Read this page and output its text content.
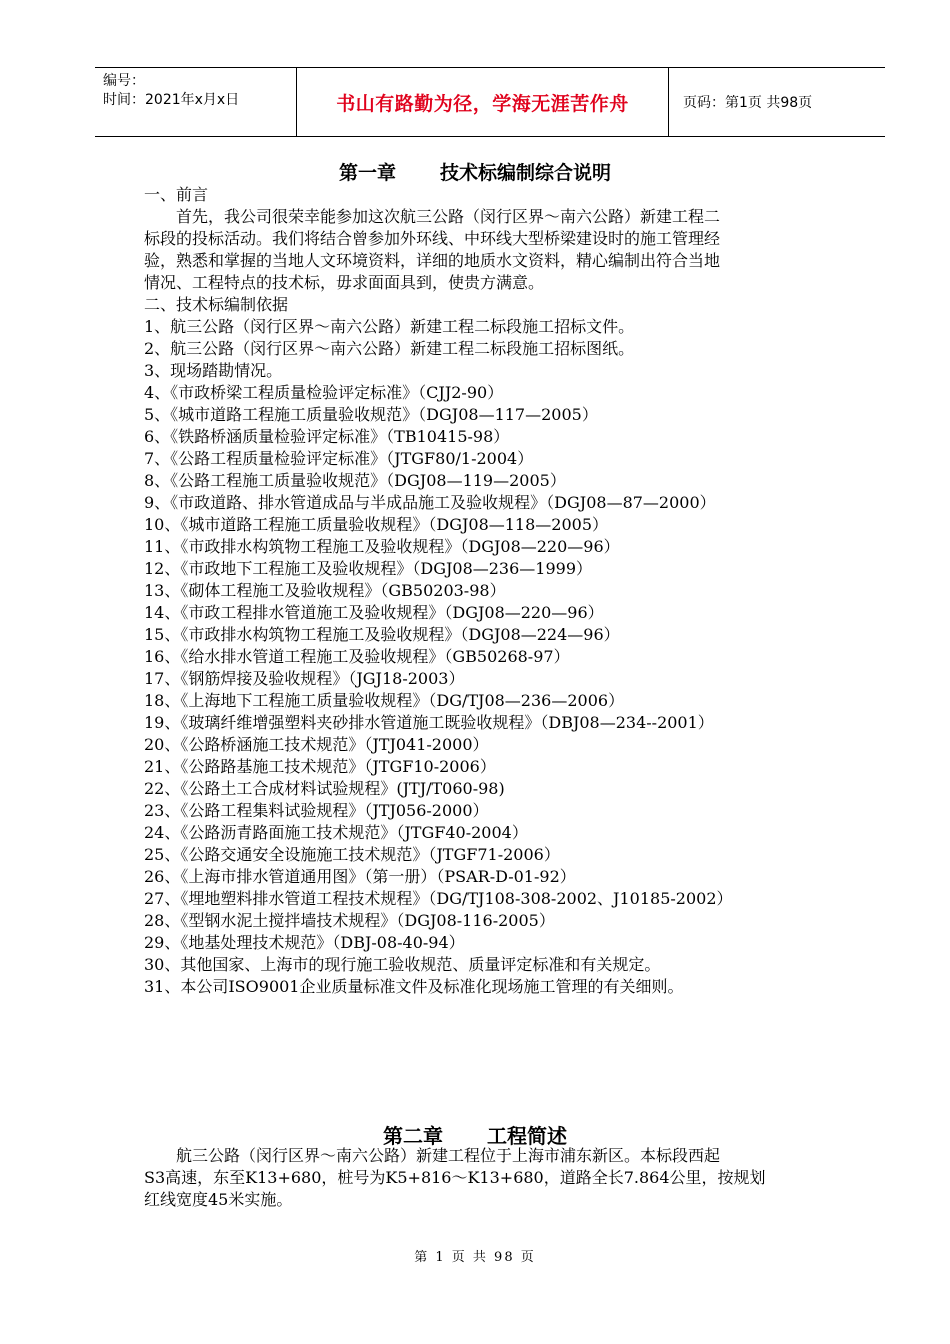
编号：
时间：2021年x月x日	书山有路勤为径，学海无涯苦作舟	页码：第1页 共98页
第一章 技术标编制综合说明
一、前言
首先，我公司很荣幸能参加这次航三公路（闵行区界～南六公路）新建工程二
标段的投标活动。我们将结合曾参加外环线、中环线大型桥梁建设时的施工管理经
验，熟悉和掌握的当地人文环境资料，详细的地质水文资料，精心编制出符合当地
情况、工程特点的技术标，毋求面面具到，使贵方满意。
二、技术标编制依据
1、航三公路（闵行区界～南六公路）新建工程二标段施工招标文件。
2、航三公路（闵行区界～南六公路）新建工程二标段施工招标图纸。
3、现场踏勘情况。
4、《市政桥梁工程质量检验评定标准》（CJJ2-90）
5、《城市道路工程施工质量验收规范》（DGJ08—117—2005）
6、《铁路桥涵质量检验评定标准》（TB10415-98）
7、《公路工程质量检验评定标准》（JTGF80/1-2004）
8、《公路工程施工质量验收规范》（DGJ08—119—2005）
9、《市政道路、排水管道成品与半成品施工及验收规程》（DGJ08—87—2000）
10、《城市道路工程施工质量验收规程》（DGJ08—118—2005）
11、《市政排水构筑物工程施工及验收规程》（DGJ08—220—96）
12、《市政地下工程施工及验收规程》（DGJ08—236—1999）
13、《砌体工程施工及验收规程》（GB50203-98）
14、《市政工程排水管道施工及验收规程》（DGJ08—220—96）
15、《市政排水构筑物工程施工及验收规程》（DGJ08—224—96）
16、《给水排水管道工程施工及验收规程》（GB50268-97）
17、《钢筋焊接及验收规程》（JGJ18-2003）
18、《上海地下工程施工质量验收规程》（DG/TJ08—236—2006）
19、《玻璃纤维增强塑料夹砂排水管道施工既验收规程》（DBJ08—234--2001）
20、《公路桥涵施工技术规范》（JTJ041-2000）
21、《公路路基施工技术规范》（JTGF10-2006）
22、《公路土工合成材料试验规程》(JTJ/T060-98)
23、《公路工程集料试验规程》（JTJ056-2000）
24、《公路沥青路面施工技术规范》（JTGF40-2004）
25、《公路交通安全设施施工技术规范》（JTGF71-2006）
26、《上海市排水管道通用图》（第一册）（PSAR-D-01-92）
27、《埋地塑料排水管道工程技术规程》（DG/TJ108-308-2002、J10185-2002）
28、《型钢水泥土搅拌墙技术规程》（DGJ08-116-2005）
29、《地基处理技术规范》（DBJ-08-40-94）
30、其他国家、上海市的现行施工验收规范、质量评定标准和有关规定。
31、本公司ISO9001企业质量标准文件及标准化现场施工管理的有关细则。
第二章 工程简述
航三公路（闵行区界～南六公路）新建工程位于上海市浦东新区。本标段西起
S3高速，东至K13+680，桩号为K5+816～K13+680，道路全长7.864公里，按规划
红线宽度45米实施。
第 1 页 共 98 页
